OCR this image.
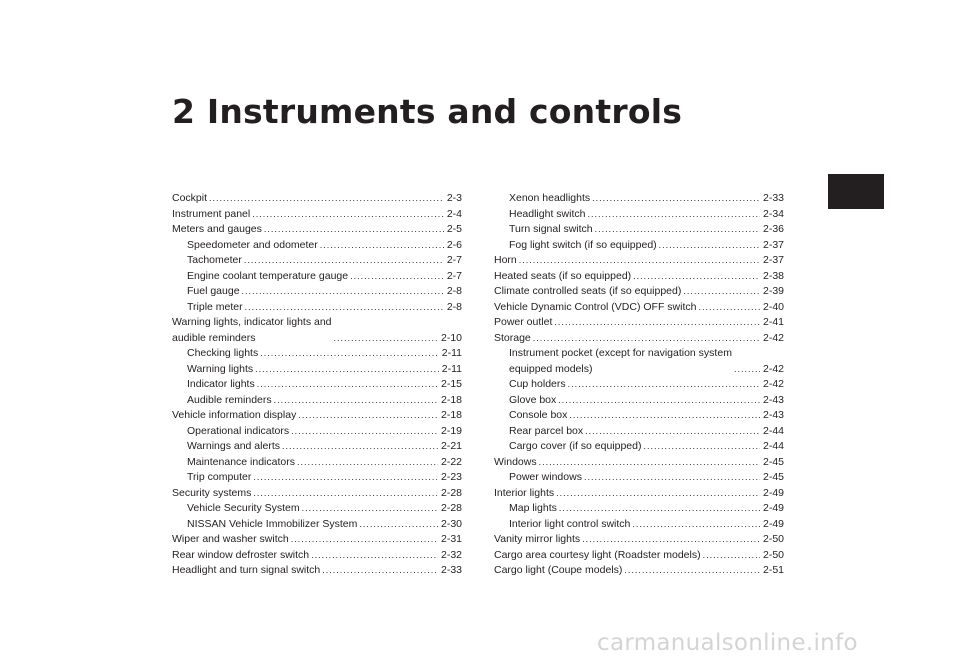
2 Instruments and controls
Cockpit .....	2-3
Instrument panel .....	2-4
Meters and gauges .....	2-5
Speedometer and odometer .....	2-6
Tachometer .....	2-7
Engine coolant temperature gauge .....	2-7
Fuel gauge .....	2-8
Triple meter .....	2-8
Warning lights, indicator lights and
audible reminders .....	2-10
Checking lights .....	2-11
Warning lights .....	2-11
Indicator lights .....	2-15
Audible reminders .....	2-18
Vehicle information display .....	2-18
Operational indicators .....	2-19
Warnings and alerts .....	2-21
Maintenance indicators .....	2-22
Trip computer .....	2-23
Security systems .....	2-28
Vehicle Security System .....	2-28
NISSAN Vehicle Immobilizer System .....	2-30
Wiper and washer switch .....	2-31
Rear window defroster switch .....	2-32
Headlight and turn signal switch .....	2-33
Xenon headlights .....	2-33
Headlight switch .....	2-34
Turn signal switch .....	2-36
Fog light switch (if so equipped) .....	2-37
Horn .....	2-37
Heated seats (if so equipped) .....	2-38
Climate controlled seats (if so equipped) .....	2-39
Vehicle Dynamic Control (VDC) OFF switch .....	2-40
Power outlet .....	2-41
Storage .....	2-42
Instrument pocket (except for navigation system
equipped models) .....	2-42
Cup holders .....	2-42
Glove box .....	2-43
Console box .....	2-43
Rear parcel box .....	2-44
Cargo cover (if so equipped) .....	2-44
Windows .....	2-45
Power windows .....	2-45
Interior lights .....	2-49
Map lights .....	2-49
Interior light control switch .....	2-49
Vanity mirror lights .....	2-50
Cargo area courtesy light (Roadster models) .....	2-50
Cargo light (Coupe models) .....	2-51
carmanualsonline.info
